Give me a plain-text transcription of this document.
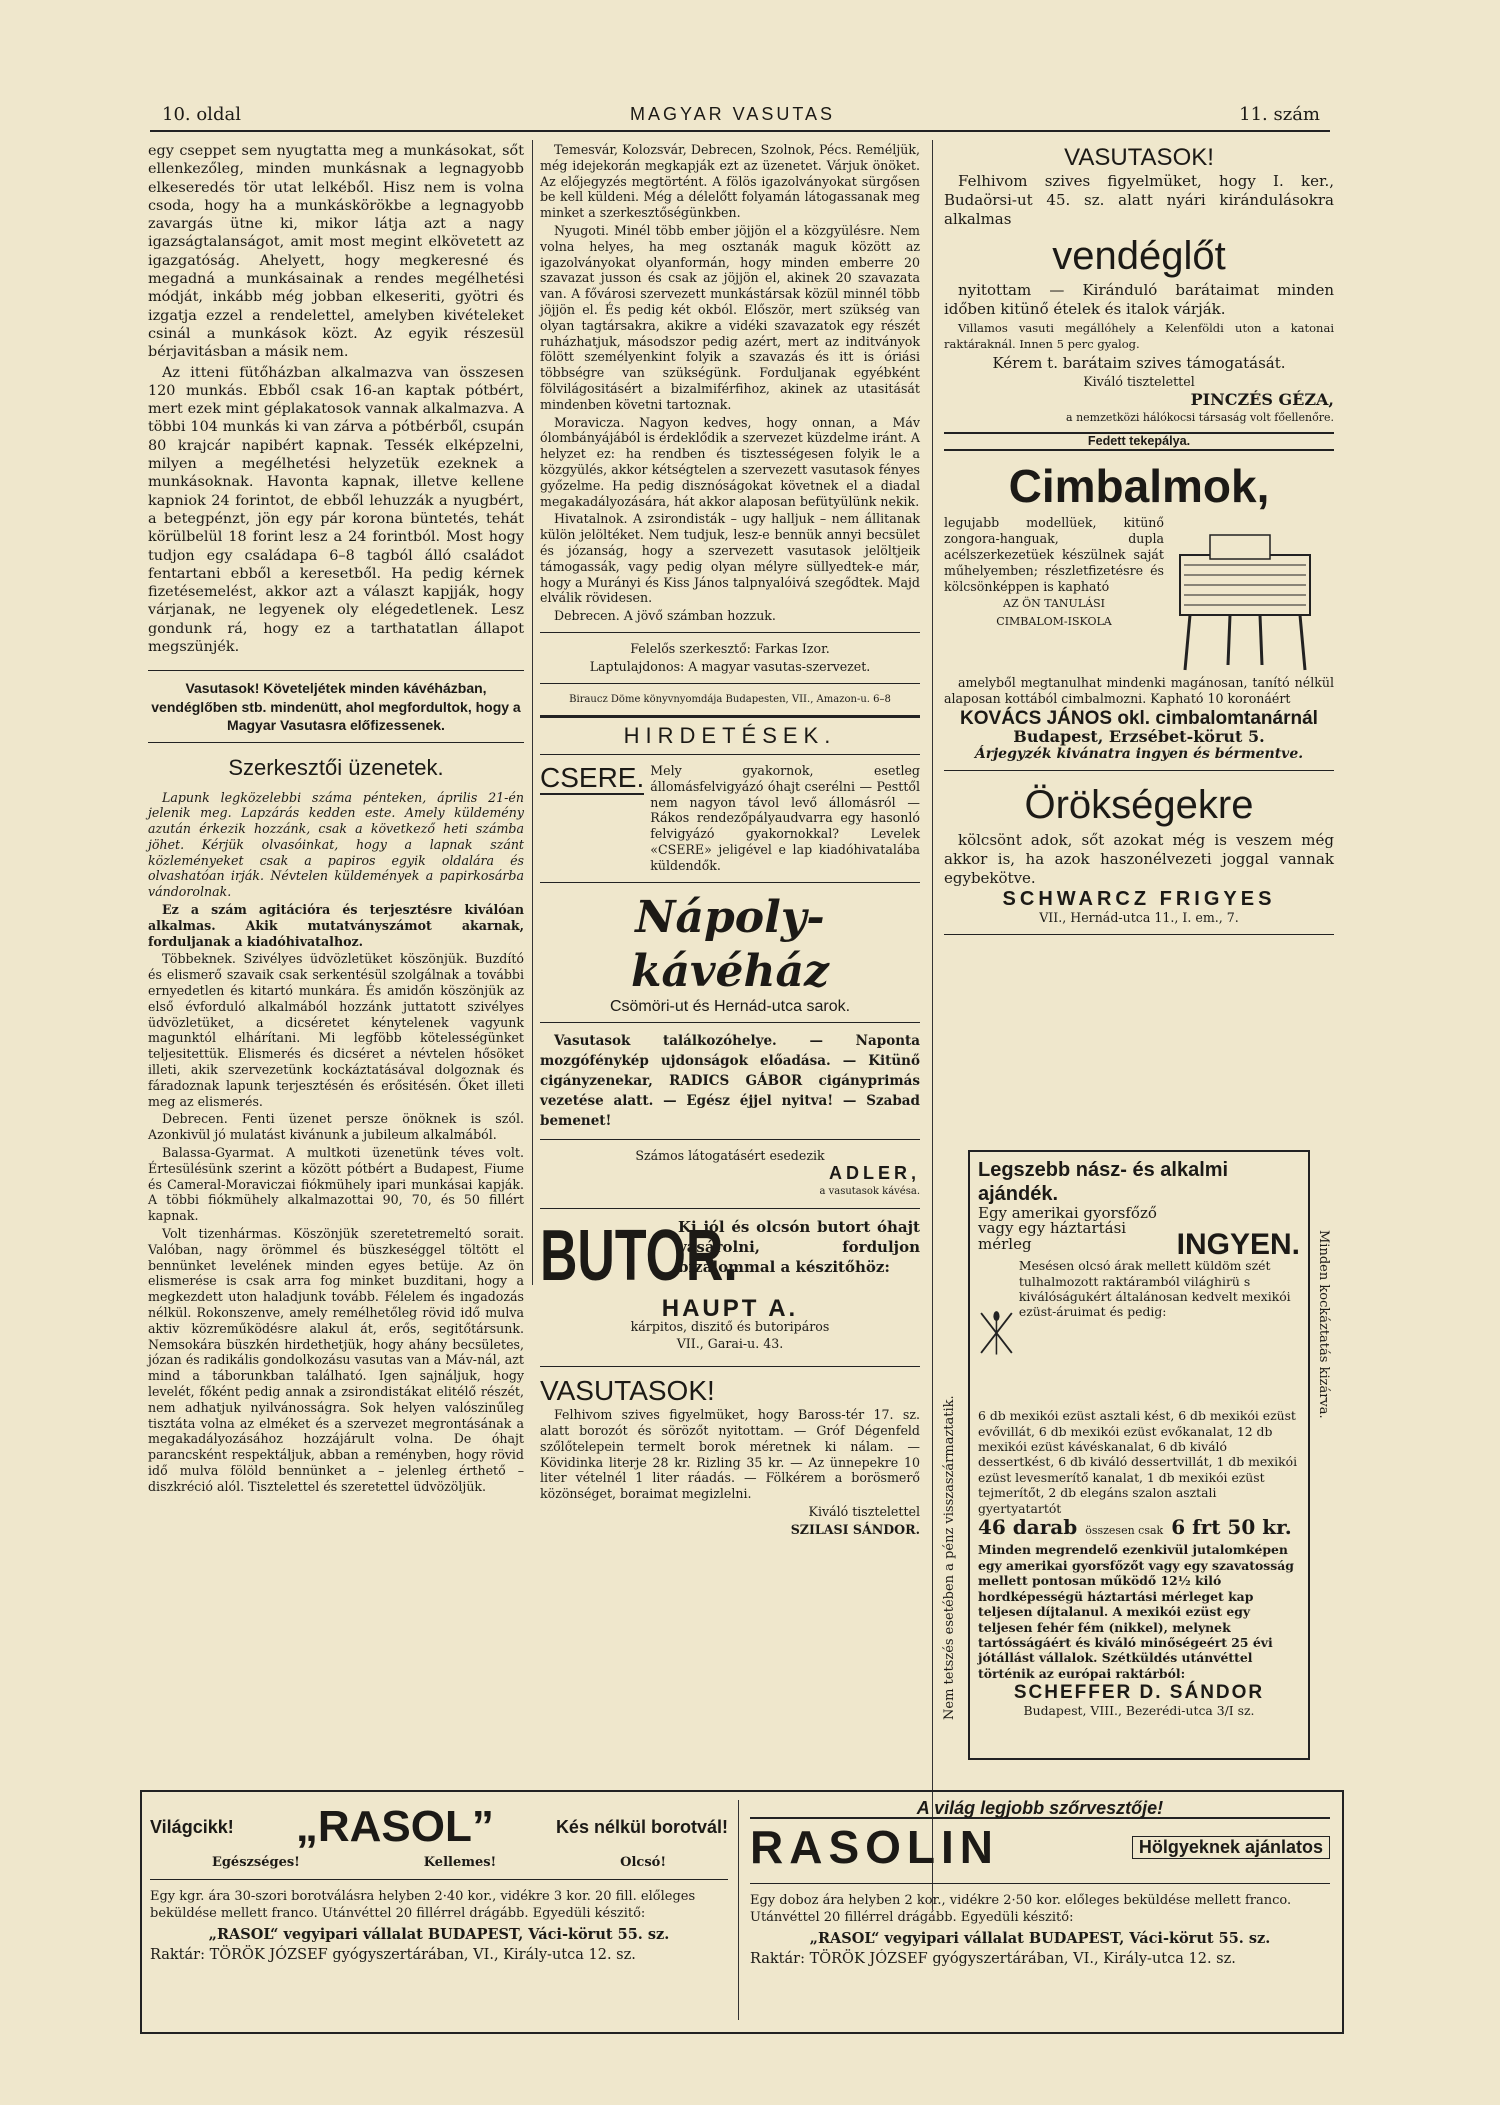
10. oldal	MAGYAR VASUTAS	11. szám

egy cseppet sem nyugtatta meg a munkásokat, sőt ellenkezőleg, minden munkásnak a legnagyobb elkeseredés tör utat lelkéből. Hisz nem is volna csoda, hogy ha a munkáskörökbe a legnagyobb zavargás ütne ki, mikor látja azt a nagy igazságtalanságot, amit most megint elkövetett az igazgatóság. Ahelyett, hogy megkeresné és megadná a munkásainak a rendes megélhetési módját, inkább még jobban elkeseriti, gyötri és izgatja ezzel a rendelettel, amelyben kivételeket csinál a munkások közt. Az egyik részesül bérjavitásban a másik nem.

Az itteni fütőházban alkalmazva van összesen 120 munkás. Ebből csak 16-an kaptak pótbért, mert ezek mint géplakatosok vannak alkalmazva. A többi 104 munkás ki van zárva a pótbérből, csupán 80 krajcár napibért kapnak. Tessék elképzelni, milyen a megélhetési helyzetük ezeknek a munkásoknak. Havonta kapnak, illetve kellene kapniok 24 forintot, de ebből lehuzzák a nyugbért, a betegpénzt, jön egy pár korona büntetés, tehát körülbelül 18 forint lesz a 24 forintból. Most hogy tudjon egy családapa 6–8 tagból álló családot fentartani ebből a keresetből. Ha pedig kérnek fizetésemelést, akkor azt a választ kapjják, hogy várjanak, ne legyenek oly elégedetlenek. Lesz gondunk rá, hogy ez a tarthatatlan állapot megszünjék.

Vasutasok! Követeljétek minden kávéházban, vendéglőben stb. mindenütt, ahol megfordultok, hogy a Magyar Vasutasra előfizessenek.

Szerkesztői üzenetek.

Lapunk legközelebbi száma pénteken, április 21-én jelenik meg. Lapzárás kedden este. Amely küldemény azután érkezik hozzánk, csak a következő heti számba jöhet. Kérjük olvasóinkat, hogy a lapnak szánt közleményeket csak a papiros egyik oldalára és olvashatóan irják. Névtelen küldemények a papirkosárba vándorolnak.

Ez a szám agitációra és terjesztésre kiválóan alkalmas. Akik mutatványszámot akarnak, forduljanak a kiadóhivatalhoz.

Többeknek. Szivélyes üdvözletüket köszönjük. Buzdító és elismerő szavaik csak serkentésül szolgálnak a további ernyedetlen és kitartó munkára. És amidőn köszönjük az első évforduló alkalmából hozzánk juttatott szivélyes üdvözletüket, a dicséretet kénytelenek vagyunk magunktól elhárítani. Mi legföbb kötelességünket teljesitettük. Elismerés és dicséret a névtelen hősöket illeti, akik szervezetünk kockáztatásával dolgoznak és fáradoznak lapunk terjesztésén és erősitésén. Őket illeti meg az elismerés.

Debrecen. Fenti üzenet persze önöknek is szól. Azonkivül jó mulatást kivánunk a jubileum alkalmából.

Balassa-Gyarmat. A multkoti üzenetünk téves volt. Értesülésünk szerint a között pótbért a Budapest, Fiume és Cameral-Moraviczai fiókmühely ipari munkásai kapják. A többi fiókmühely alkalmazottai 90, 70, és 50 fillért kapnak.

Volt tizenhármas. Köszönjük szeretetremeltó sorait. Valóban, nagy örömmel és büszkeséggel töltött el bennünket levelének minden egyes betüje. Az ön elismerése is csak arra fog minket buzditani, hogy a megkezdett uton haladjunk tovább. Félelem és ingadozás nélkül. Rokonszenve, amely remélhetőleg rövid idő mulva aktiv közreműködésre alakul át, erős, segitőtársunk. Nemsokára büszkén hirdethetjük, hogy ahány becsületes, józan és radikális gondolkozásu vasutas van a Máv-nál, azt mind a táborunkban található. Igen sajnáljuk, hogy levelét, főként pedig annak a zsirondistákat elitélő részét, nem adhatjuk nyilvánosságra. Sok helyen valószinűleg tisztáta volna az elméket és a szervezet megrontásának a megakadályozásához hozzájárult volna. De óhajt parancsként respektáljuk, abban a reményben, hogy rövid idő mulva fölöld bennünket a – jelenleg érthető – diszkréció alól. Tisztelettel és szeretettel üdvözöljük.

Temesvár, Kolozsvár, Debrecen, Szolnok, Pécs. Reméljük, még idejekorán megkapják ezt az üzenetet. Várjuk önöket. Az előjegyzés megtörtént. A fölös igazolványokat sürgősen be kell küldeni. Még a délelőtt folyamán látogassanak meg minket a szerkesztőségünkben.

Nyugoti. Minél több ember jöjjön el a közgyülésre. Nem volna helyes, ha meg osztanák maguk között az igazolványokat olyanformán, hogy minden emberre 20 szavazat jusson és csak az jöjjön el, akinek 20 szavazata van. A fővárosi szervezett munkástársak közül minnél több jöjjön el. És pedig két okból. Először, mert szükség van olyan tagtársakra, akikre a vidéki szavazatok egy részét ruházhatjuk, másodszor pedig azért, mert az inditványok fölött személyenkint folyik a szavazás és itt is óriási többségre van szükségünk. Forduljanak egyébként fölvilágositásért a bizalmiférfihoz, akinek az utasitását mindenben követni tartoznak.

Moravicza. Nagyon kedves, hogy onnan, a Máv ólombányájából is érdeklődik a szervezet küzdelme iránt. A helyzet ez: ha rendben és tisztességesen folyik le a közgyülés, akkor kétségtelen a szervezett vasutasok fényes győzelme. Ha pedig disznóságokat követnek el a diadal megakadályozására, hát akkor alaposan befütyülünk nekik.

Hivatalnok. A zsirondisták – ugy halljuk – nem állitanak külön jelöltéket. Nem tudjuk, lesz-e bennük annyi becsület és józanság, hogy a szervezett vasutasok jelöltjeik támogassák, vagy pedig olyan mélyre süllyedtek-e már, hogy a Murányi és Kiss János talpnyalóivá szegődtek. Majd elválik rövidesen.

Debrecen. A jövő számban hozzuk.

Felelős szerkesztő: Farkas Izor.

Laptulajdonos: A magyar vasutas-szervezet.

Biraucz Döme könyvnyomdája Budapesten, VII., Amazon-u. 6–8

HIRDETÉSEK.
CSERE. Mely gyakornok, esetleg állomásfelvigyázó óhajt cserélni — Pesttől nem nagyon távol levő állomásról — Rákos rendezőpályaudvarra egy hasonló felvigyázó gyakornokkal? Levelek «CSERE» jeligével e lap kiadóhivatalába küldendők.
Nápoly-kávéház

Csömöri-ut és Hernád-utca sarok.

Vasutasok találkozóhelye. — Naponta mozgófénykép ujdonságok előadása. — Kitünő cigányzenekar, RADICS GÁBOR cigányprimás vezetése alatt. — Egész éjjel nyitva! — Szabad bemenet!

Számos látogatásért esedezik

ADLER,

a vasutasok kávésa.

BUTOR.
Ki jól és olcsón butort óhajt vásárolni, forduljon bizalommal a készitőhöz:

HAUPT A.

kárpitos, diszitő és butoripáros

VII., Garai-u. 43.

VASUTASOK!

Felhivom szives figyelmüket, hogy Baross-tér 17. sz. alatt borozót és sörözőt nyitottam. — Gróf Dégenfeld szőlőtelepein termelt borok méretnek ki nálam. — Kövidinka literje 28 kr. Rizling 35 kr. — Az ünnepekre 10 liter vételnél 1 liter ráadás. — Fölkérem a borösmerő közönséget, boraimat megizlelni.

Kiváló tisztelettel

SZILASI SÁNDOR.

VASUTASOK!

Felhivom szives figyelmüket, hogy I. ker., Budaörsi-ut 45. sz. alatt nyári kirándulásokra alkalmas

vendéglőt

nyitottam — Kiránduló barátaimat minden időben kitünő ételek és italok várják.

Villamos vasuti megállóhely a Kelenföldi uton a katonai raktáraknál. Innen 5 perc gyalog.

Kérem t. barátaim szives támogatását.

Kiváló tisztelettel

PINCZÉS GÉZA,

a nemzetközi hálókocsi társaság volt főellenőre.

Fedett tekepálya.
Cimbalmok,

legujabb modellüek, kitünő zongora-hanguak, dupla acélszerkezetüek készülnek saját műhelyemben; részletfizetésre és kölcsönképpen is kapható

AZ ÖN TANULÁSI

CIMBALOM-ISKOLA

amelyből megtanulhat mindenki magánosan, tanító nélkül alaposan kottából cimbalmozni. Kapható 10 koronáért

KOVÁCS JÁNOS okl. cimbalomtanárnál

Budapest, Erzsébet-körut 5.

Árjegyzék kivánatra ingyen és bérmentve.

Örökségekre

kölcsönt adok, sőt azokat még is veszem még akkor is, ha azok haszonélvezeti joggal vannak egybekötve.

SCHWARCZ FRIGYES

VII., Hernád-utca 11., I. em., 7.

Legszebb nász- és alkalmi ajándék.
Egy amerikai gyorsfőző vagy egy háztartási mérleg	INGYEN.

Mesésen olcsó árak mellett küldöm szét tulhalmozott raktáramból világhirü s kiválóságukért általánosan kedvelt mexikói ezüst-áruimat és pedig:

6 db mexikói ezüst asztali kést, 6 db mexikói ezüst evővillát, 6 db mexikói ezüst evőkanalat, 12 db mexikói ezüst kávéskanalat, 6 db kiváló dessertkést, 6 db kiváló dessertvillát, 1 db mexikói ezüst levesmerítő kanalat, 1 db mexikói ezüst tejmerítőt, 2 db elegáns szalon asztali gyertyatartót

46 darab összesen csak 6 frt 50 kr.

Minden megrendelő ezenkivül jutalomképen egy amerikai gyorsfőzőt vagy egy szavatosság mellett pontosan működő 12½ kiló hordképességü háztartási mérleget kap teljesen díjtalanul. A mexikói ezüst egy teljesen fehér fém (nikkel), melynek tartósságáért és kiváló minőségeért 25 évi jótállást vállalok. Szétküldés utánvéttel történik az európai raktárból:

SCHEFFER D. SÁNDOR

Budapest, VIII., Bezerédi-utca 3/I sz.

Nem tetszés esetében a pénz visszaszármaztatik.
Minden kockáztatás kizárva.
Világcikk! „RASOL”	Kés nélkül borotvál!
Egészséges!	Kellemes!	Olcsó!

Egy kgr. ára 30-szori borotválásra helyben 2·40 kor., vidékre 3 kor. 20 fill. előleges beküldése mellett franco. Utánvéttel 20 fillérrel drágább. Egyedüli készitő:

„RASOL“ vegyipari vállalat BUDAPEST, Váci-körut 55. sz.

Raktár: TÖRÖK JÓZSEF gyógyszertárában, VI., Király-utca 12. sz.

A világ legjobb szőrvesztője!
RASOLIN	Hölgyeknek ajánlatos

Egy doboz ára helyben 2 kor., vidékre 2·50 kor. előleges beküldése mellett franco. Utánvéttel 20 fillérrel drágább. Egyedüli készitő:

„RASOL“ vegyipari vállalat BUDAPEST, Váci-körut 55. sz.

Raktár: TÖRÖK JÓZSEF gyógyszertárában, VI., Király-utca 12. sz.
